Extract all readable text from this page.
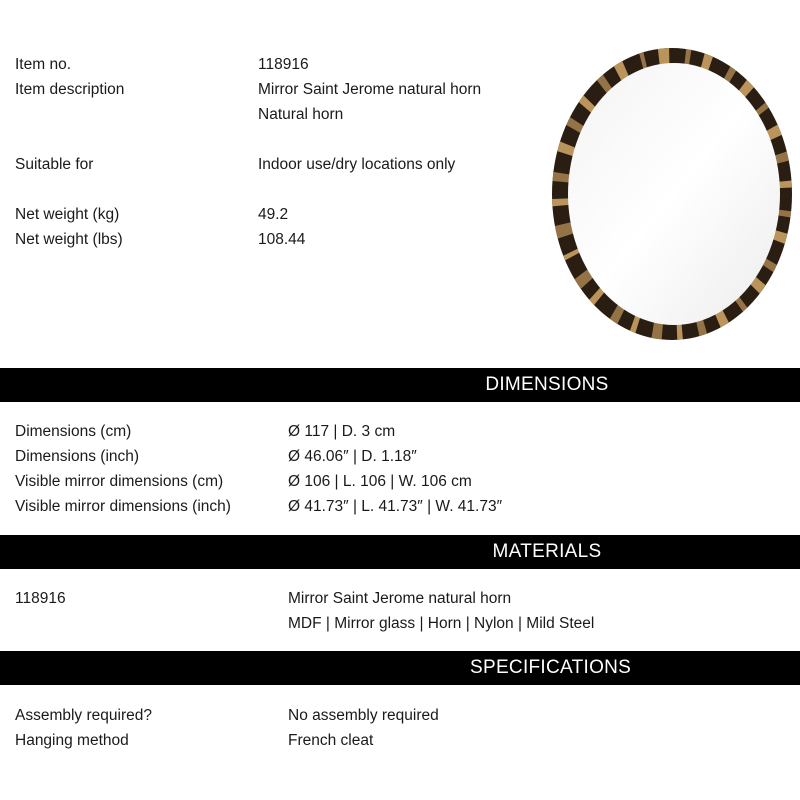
Item no.	118916
Item description	Mirror Saint Jerome natural horn
Natural horn
Suitable for	Indoor use/dry locations only
Net weight (kg)	49.2
Net weight (lbs)	108.44
DIMENSIONS
Dimensions (cm)	Ø 117 | D. 3 cm
Dimensions (inch)	Ø 46.06″ | D. 1.18″
Visible mirror dimensions (cm)	Ø 106 | L. 106 | W. 106 cm
Visible mirror dimensions (inch)	Ø 41.73″ | L. 41.73″ | W. 41.73″
MATERIALS
118916	Mirror Saint Jerome natural horn
MDF | Mirror glass | Horn | Nylon | Mild Steel
SPECIFICATIONS
Assembly required?	No assembly required
Hanging method	French cleat
